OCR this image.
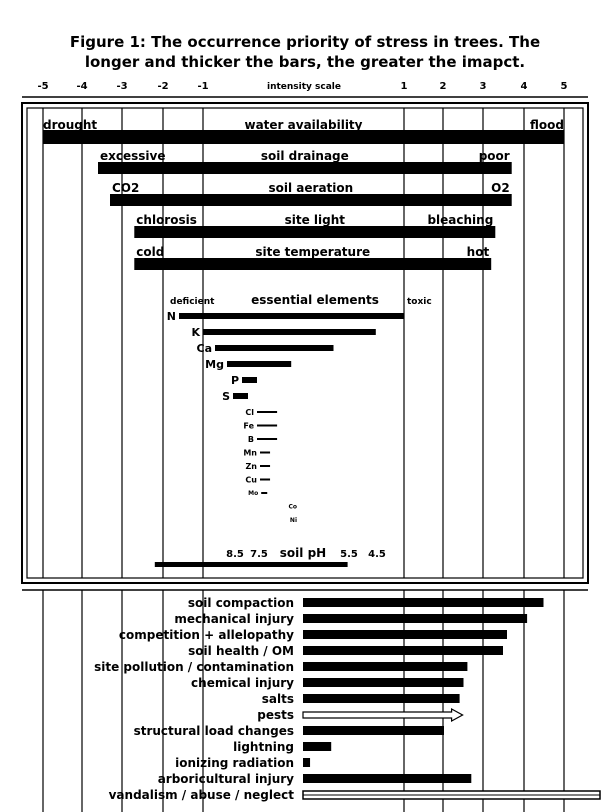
Figure 1: The occurrence priority of stress in trees. The
longer and thicker the bars, the greater the imapct.
-5	-4	-3	-2	-1	1	2	3	4	5
intensity scale
drought	water availability	flood
excessive	soil drainage	poor
CO2	soil aeration	O2
chlorosis	site light	bleaching
cold	site temperature	hot
deficient	essential elements	toxic
N
K
Ca
Mg
P
S
Cl
Fe
B
Mn
Zn
Cu
Mo
Co
Ni
8.5 7.5	5.5 4.5
soil pH
soil compaction
mechanical injury
competition + allelopathy
soil health / OM
site pollution / contamination
chemical injury
salts
pests
structural load changes
lightning
ionizing radiation
arboricultural injury
vandalism / abuse / neglect
